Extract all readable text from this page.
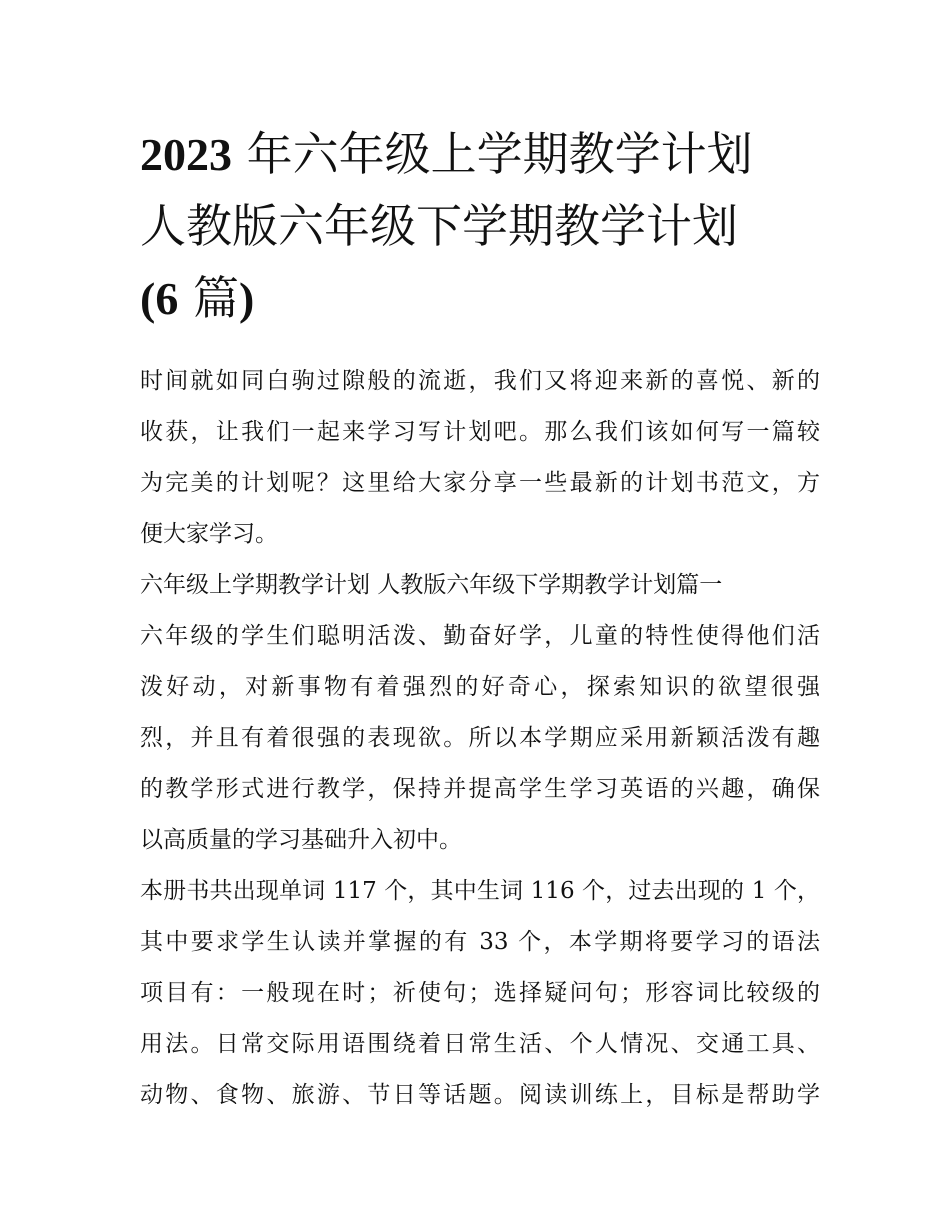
2023 年六年级上学期教学计划
人教版六年级下学期教学计划
(6 篇)
时间就如同白驹过隙般的流逝，我们又将迎来新的喜悦、新的
收获，让我们一起来学习写计划吧。那么我们该如何写一篇较
为完美的计划呢？这里给大家分享一些最新的计划书范文，方
便大家学习。
六年级上学期教学计划 人教版六年级下学期教学计划篇一
六年级的学生们聪明活泼、勤奋好学，儿童的特性使得他们活
泼好动，对新事物有着强烈的好奇心，探索知识的欲望很强
烈，并且有着很强的表现欲。所以本学期应采用新颖活泼有趣
的教学形式进行教学，保持并提高学生学习英语的兴趣，确保
以高质量的学习基础升入初中。
本册书共出现单词 117 个，其中生词 116 个，过去出现的 1 个，
其中要求学生认读并掌握的有 33 个，本学期将要学习的语法
项目有：一般现在时；祈使句；选择疑问句；形容词比较级的
用法。日常交际用语围绕着日常生活、个人情况、交通工具、
动物、食物、旅游、节日等话题。阅读训练上，目标是帮助学
